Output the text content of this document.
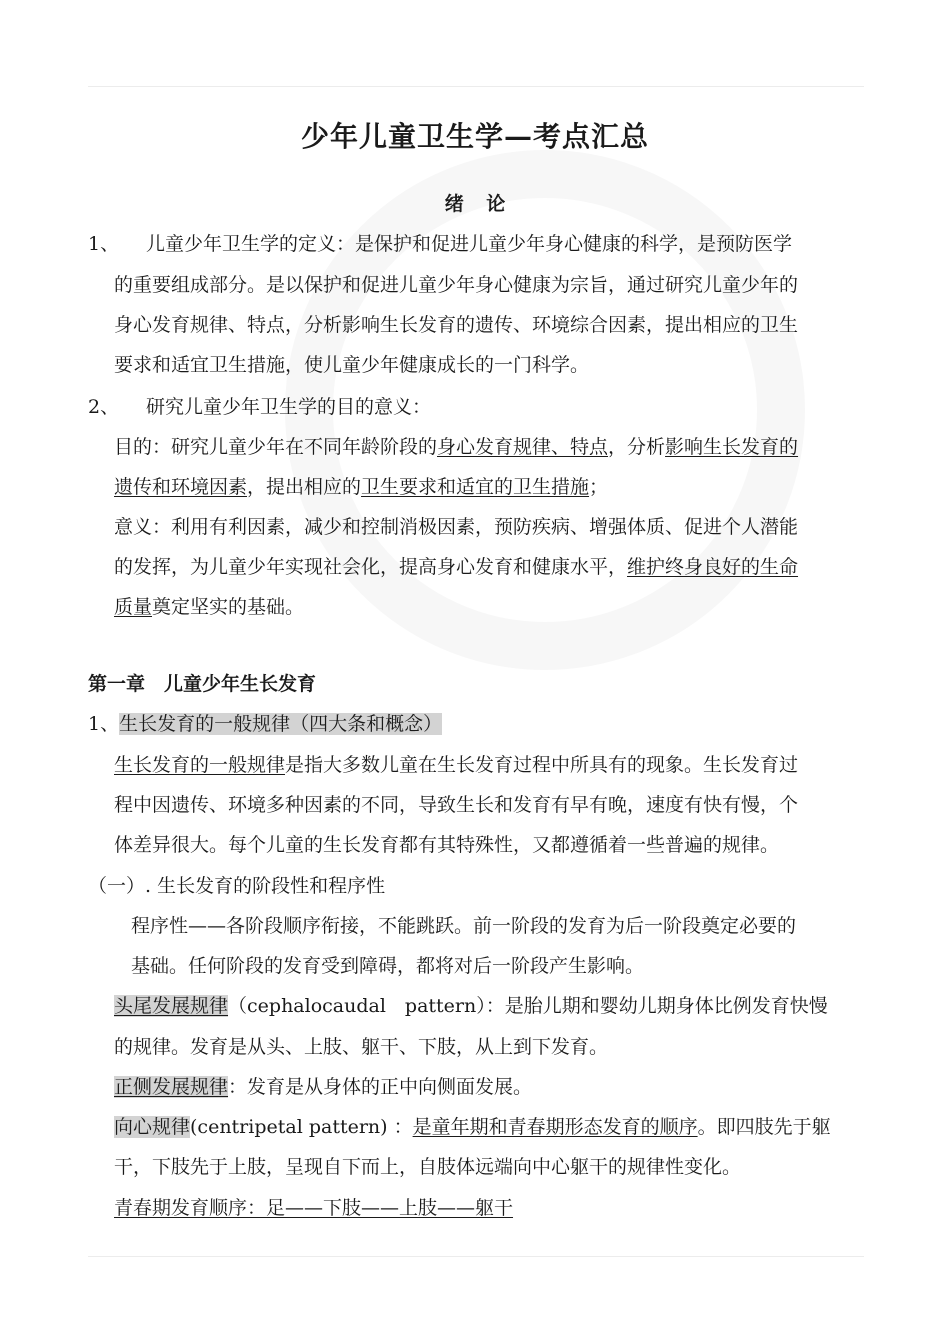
少年儿童卫生学—考点汇总
绪 论
1、 儿童少年卫生学的定义：是保护和促进儿童少年身心健康的科学，是预防医学
的重要组成部分。是以保护和促进儿童少年身心健康为宗旨，通过研究儿童少年的
身心发育规律、特点，分析影响生长发育的遗传、环境综合因素，提出相应的卫生
要求和适宜卫生措施，使儿童少年健康成长的一门科学。
2、 研究儿童少年卫生学的目的意义：
目的：研究儿童少年在不同年龄阶段的身心发育规律、特点，分析影响生长发育的
遗传和环境因素，提出相应的卫生要求和适宜的卫生措施；
意义：利用有利因素，减少和控制消极因素，预防疾病、增强体质、促进个人潜能
的发挥，为儿童少年实现社会化，提高身心发育和健康水平，维护终身良好的生命
质量奠定坚实的基础。
第一章　儿童少年生长发育
1、生长发育的一般规律（四大条和概念）
生长发育的一般规律是指大多数儿童在生长发育过程中所具有的现象。生长发育过
程中因遗传、环境多种因素的不同，导致生长和发育有早有晚，速度有快有慢，个
体差异很大。每个儿童的生长发育都有其特殊性，又都遵循着一些普遍的规律。
（一）. 生长发育的阶段性和程序性
程序性——各阶段顺序衔接，不能跳跃。前一阶段的发育为后一阶段奠定必要的
基础。任何阶段的发育受到障碍，都将对后一阶段产生影响。
头尾发展规律（cephalocaudal　pattern）：是胎儿期和婴幼儿期身体比例发育快慢
的规律。发育是从头、上肢、躯干、下肢，从上到下发育。
正侧发展规律：发育是从身体的正中向侧面发展。
向心规律(centripetal pattern) ：是童年期和青春期形态发育的顺序。即四肢先于躯
干，下肢先于上肢，呈现自下而上，自肢体远端向中心躯干的规律性变化。
青春期发育顺序：足——下肢——上肢——躯干
